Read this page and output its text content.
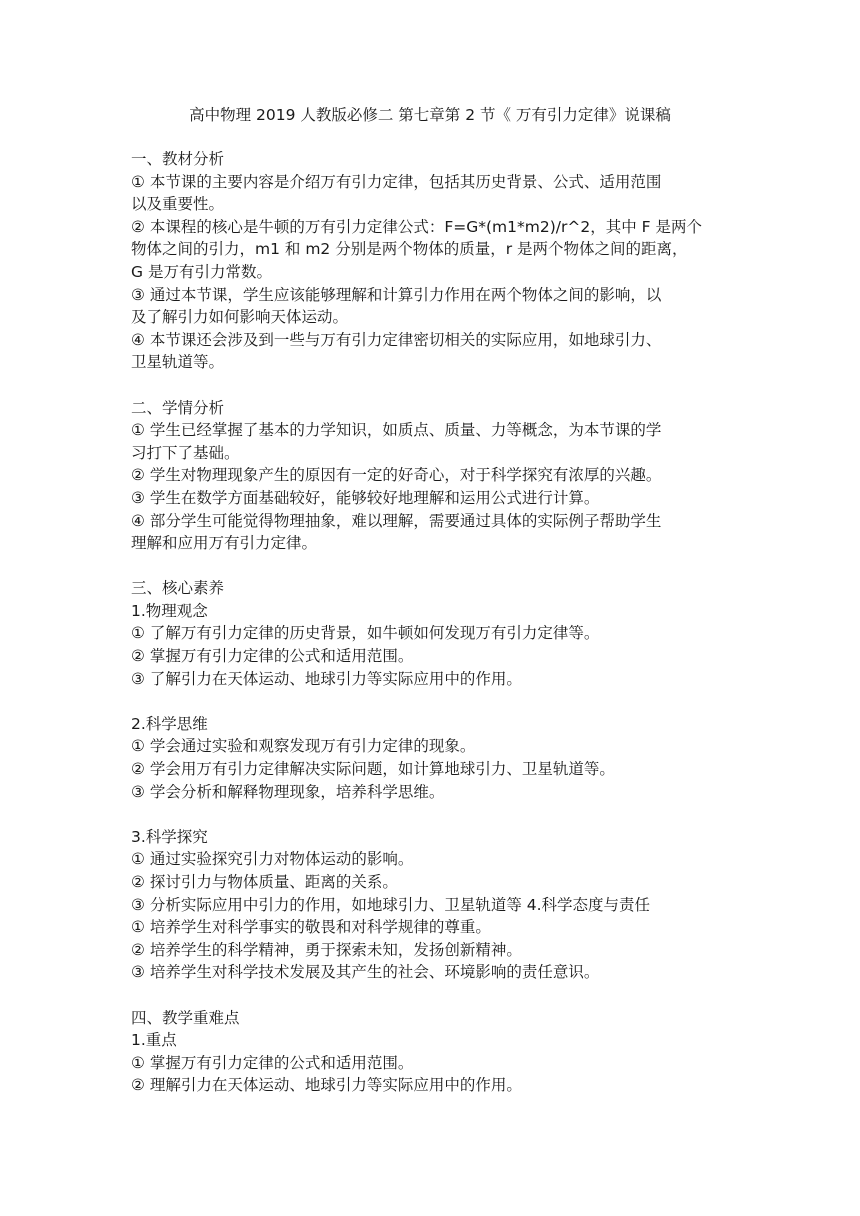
高中物理 2019 人教版必修二 第七章第 2 节《 万有引力定律》说课稿
一、教材分析
① 本节课的主要内容是介绍万有引力定律，包括其历史背景、公式、适用范围
以及重要性。
② 本课程的核心是牛顿的万有引力定律公式：F=G*(m1*m2)/r^2，其中 F 是两个
物体之间的引力，m1 和 m2 分别是两个物体的质量，r 是两个物体之间的距离，
G 是万有引力常数。
③ 通过本节课，学生应该能够理解和计算引力作用在两个物体之间的影响，以
及了解引力如何影响天体运动。
④ 本节课还会涉及到一些与万有引力定律密切相关的实际应用，如地球引力、
卫星轨道等。
二、学情分析
① 学生已经掌握了基本的力学知识，如质点、质量、力等概念，为本节课的学
习打下了基础。
② 学生对物理现象产生的原因有一定的好奇心，对于科学探究有浓厚的兴趣。
③ 学生在数学方面基础较好，能够较好地理解和运用公式进行计算。
④ 部分学生可能觉得物理抽象，难以理解，需要通过具体的实际例子帮助学生
理解和应用万有引力定律。
三、核心素养
1.物理观念
① 了解万有引力定律的历史背景，如牛顿如何发现万有引力定律等。
② 掌握万有引力定律的公式和适用范围。
③ 了解引力在天体运动、地球引力等实际应用中的作用。
2.科学思维
① 学会通过实验和观察发现万有引力定律的现象。
② 学会用万有引力定律解决实际问题，如计算地球引力、卫星轨道等。
③ 学会分析和解释物理现象，培养科学思维。
3.科学探究
① 通过实验探究引力对物体运动的影响。
② 探讨引力与物体质量、距离的关系。
③ 分析实际应用中引力的作用，如地球引力、卫星轨道等 4.科学态度与责任
① 培养学生对科学事实的敬畏和对科学规律的尊重。
② 培养学生的科学精神，勇于探索未知，发扬创新精神。
③ 培养学生对科学技术发展及其产生的社会、环境影响的责任意识。
四、教学重难点
1.重点
① 掌握万有引力定律的公式和适用范围。
② 理解引力在天体运动、地球引力等实际应用中的作用。
